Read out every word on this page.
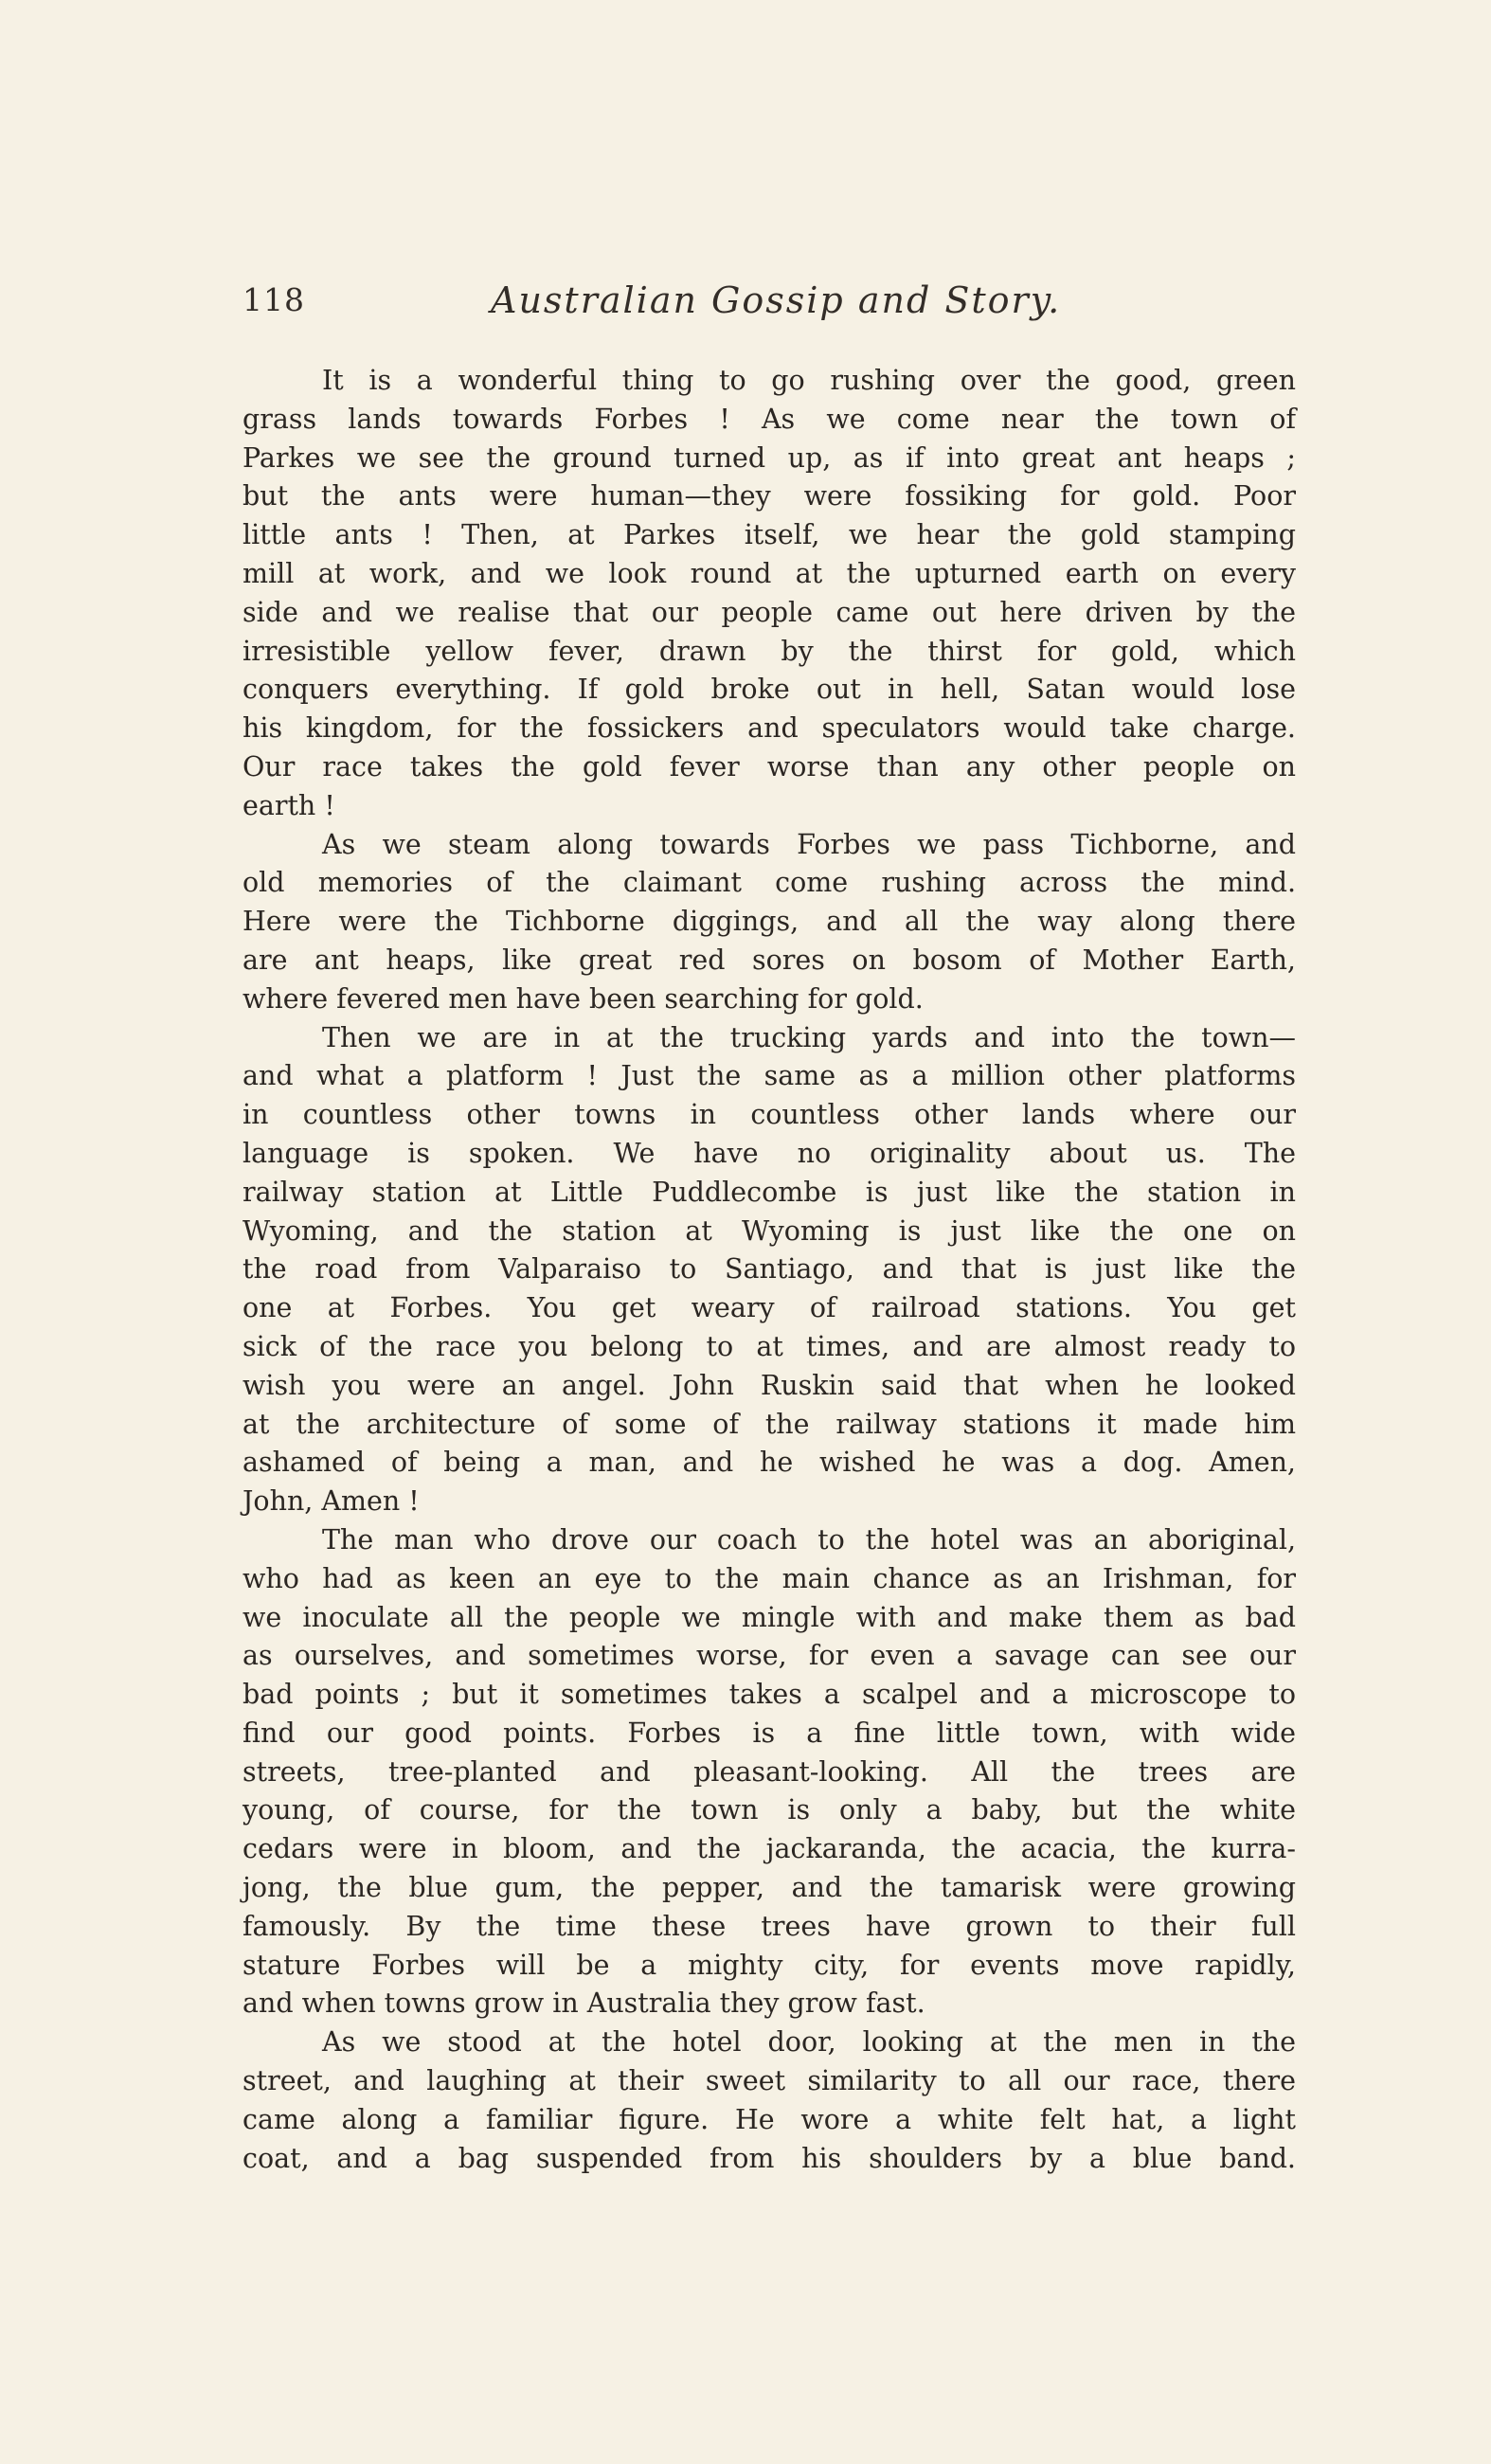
118	Australian Gossip and Story.
It is a wonderful thing to go rushing over the good, green
grass lands towards Forbes ! As we come near the town of
Parkes we see the ground turned up, as if into great ant heaps ;
but the ants were human—they were fossiking for gold. Poor
little ants ! Then, at Parkes itself, we hear the gold stamping
mill at work, and we look round at the upturned earth on every
side and we realise that our people came out here driven by the
irresistible yellow fever, drawn by the thirst for gold, which
conquers everything. If gold broke out in hell, Satan would lose
his kingdom, for the fossickers and speculators would take charge.
Our race takes the gold fever worse than any other people on
earth !
As we steam along towards Forbes we pass Tichborne, and
old memories of the claimant come rushing across the mind.
Here were the Tichborne diggings, and all the way along there
are ant heaps, like great red sores on bosom of Mother Earth,
where fevered men have been searching for gold.
Then we are in at the trucking yards and into the town—
and what a platform ! Just the same as a million other platforms
in countless other towns in countless other lands where our
language is spoken. We have no originality about us. The
railway station at Little Puddlecombe is just like the station in
Wyoming, and the station at Wyoming is just like the one on
the road from Valparaiso to Santiago, and that is just like the
one at Forbes. You get weary of railroad stations. You get
sick of the race you belong to at times, and are almost ready to
wish you were an angel. John Ruskin said that when he looked
at the architecture of some of the railway stations it made him
ashamed of being a man, and he wished he was a dog. Amen,
John, Amen !
The man who drove our coach to the hotel was an aboriginal,
who had as keen an eye to the main chance as an Irishman, for
we inoculate all the people we mingle with and make them as bad
as ourselves, and sometimes worse, for even a savage can see our
bad points ; but it sometimes takes a scalpel and a microscope to
find our good points. Forbes is a fine little town, with wide
streets, tree-planted and pleasant-looking. All the trees are
young, of course, for the town is only a baby, but the white
cedars were in bloom, and the jackaranda, the acacia, the kurra-
jong, the blue gum, the pepper, and the tamarisk were growing
famously. By the time these trees have grown to their full
stature Forbes will be a mighty city, for events move rapidly,
and when towns grow in Australia they grow fast.
As we stood at the hotel door, looking at the men in the
street, and laughing at their sweet similarity to all our race, there
came along a familiar figure. He wore a white felt hat, a light
coat, and a bag suspended from his shoulders by a blue band.
